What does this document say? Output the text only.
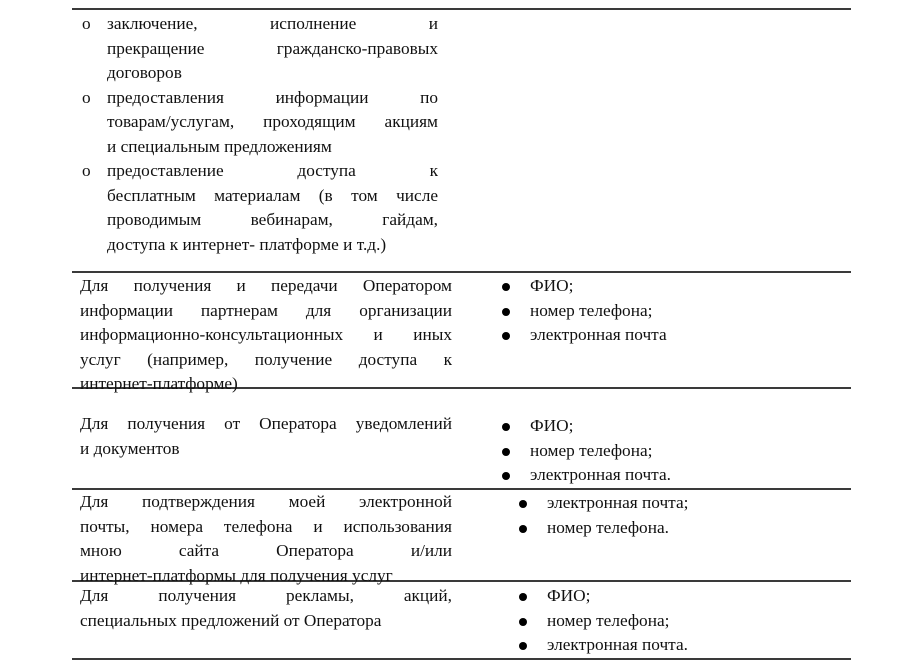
o заключение, исполнение и
прекращение гражданско-правовых
договоров
o предоставления информации по
товарам/услугам, проходящим акциям
и специальным предложениям
o предоставление доступа к
бесплатным материалам (в том числе
проводимым вебинарам, гайдам,
доступа к интернет- платформе и т.д.)
Для получения и передачи Оператором
информации партнерам для организации
информационно-консультационных и иных
услуг (например, получение доступа к
интернет-платформе)
ФИО;
номер телефона;
электронная почта
Для получения от Оператора уведомлений
и документов
ФИО;
номер телефона;
электронная почта.
Для подтверждения моей электронной
почты, номера телефона и использования
мною сайта Оператора и/или
интернет-платформы для получения услуг
электронная почта;
номер телефона.
Для получения рекламы, акций,
специальных предложений от Оператора
ФИО;
номер телефона;
электронная почта.
